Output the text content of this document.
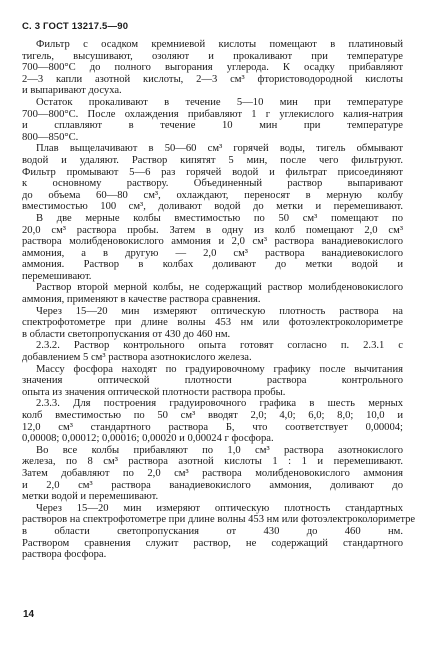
С. 3 ГОСТ 13217.5—90
Фильтр с осадком кремниевой кислоты помещают в платиновый
тигель, высушивают, озоляют и прокаливают при температуре
700—800°С до полного выгорания углерода. К осадку прибавляют
2—3 капли азотной кислоты, 2—3 см³ фтористоводородной кислоты
и выпаривают досуха.
Остаток прокаливают в течение 5—10 мин при температуре
700—800°С. После охлаждения прибавляют 1 г углекислого калия-натрия
и сплавляют в течение 10 мин при температуре
800—850°С.
Плав выщелачивают в 50—60 см³ горячей воды, тигель обмывают
водой и удаляют. Раствор кипятят 5 мин, после чего фильтруют.
Фильтр промывают 5—6 раз горячей водой и фильтрат присоединяют
к основному раствору. Объединенный раствор выпаривают
до объема 60—80 см³, охлаждают, переносят в мерную колбу
вместимостью 100 см³, доливают водой до метки и перемешивают.
В две мерные колбы вместимостью по 50 см³ помещают по
20,0 см³ раствора пробы. Затем в одну из колб помещают 2,0 см³
раствора молибденовокислого аммония и 2,0 см³ раствора ванадиевокислого
аммония, а в другую — 2,0 см³ раствора ванадиевокислого
аммония. Раствор в колбах доливают до метки водой и
перемешивают.
Раствор второй мерной колбы, не содержащий раствор молибденовокислого
аммония, применяют в качестве раствора сравнения.
Через 15—20 мин измеряют оптическую плотность раствора на
спектрофотометре при длине волны 453 нм или фотоэлектроколориметре
в области светопропускания от 430 до 460 нм.
2.3.2. Раствор контрольного опыта готовят согласно п. 2.3.1 с
добавлением 5 см³ раствора азотнокислого железа.
Массу фосфора находят по градуировочному графику после вычитания
значения оптической плотности раствора контрольного
опыта из значения оптической плотности раствора пробы.
2.3.3. Для построения градуировочного графика в шесть мерных
колб вместимостью по 50 см³ вводят 2,0; 4,0; 6,0; 8,0; 10,0 и
12,0 см³ стандартного раствора Б, что соответствует 0,00004;
0,00008; 0,00012; 0,00016; 0,00020 и 0,00024 г фосфора.
Во все колбы прибавляют по 1,0 см³ раствора азотнокислого
железа, по 8 см³ раствора азотной кислоты 1 : 1 и перемешивают.
Затем добавляют по 2,0 см³ раствора молибденовокислого аммония
и 2,0 см³ раствора ванадиевокислого аммония, доливают до
метки водой и перемешивают.
Через 15—20 мин измеряют оптическую плотность стандартных
растворов на спектрофотометре при длине волны 453 нм или фотоэлектроколориметре
в области светопропускания от 430 до 460 нм.
Раствором сравнения служит раствор, не содержащий стандартного
раствора фосфора.
14
